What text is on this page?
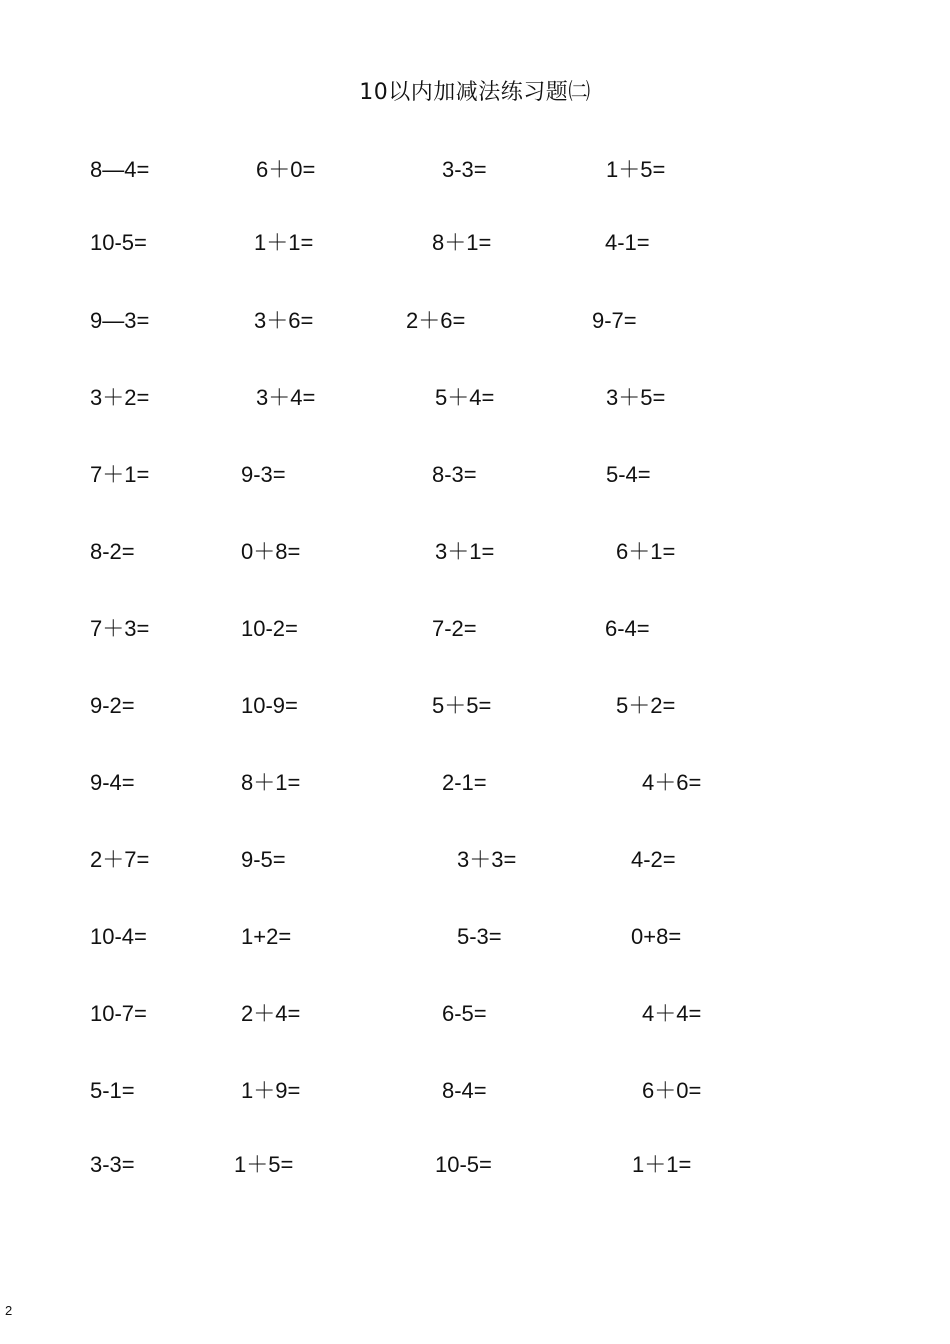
10以内加减法练习题㈡
8—4=	6＋0=	3-3=	1＋5=
10-5=	1＋1=	8＋1=	4-1=
9—3=	3＋6=	2＋6=	9-7=
3＋2=	3＋4=	5＋4=	3＋5=
7＋1=	9-3=	8-3=	5-4=
8-2=	0＋8=	3＋1=	6＋1=
7＋3=	10-2=	7-2=	6-4=
9-2=	10-9=	5＋5=	5＋2=
9-4=	8＋1=	2-1=	4＋6=
2＋7=	9-5=	3＋3=	4-2=
10-4=	1+2=	5-3=	0+8=
10-7=	2＋4=	6-5=	4＋4=
5-1=	1＋9=	8-4=	6＋0=
3-3=	1＋5=	10-5=	1＋1=
2
